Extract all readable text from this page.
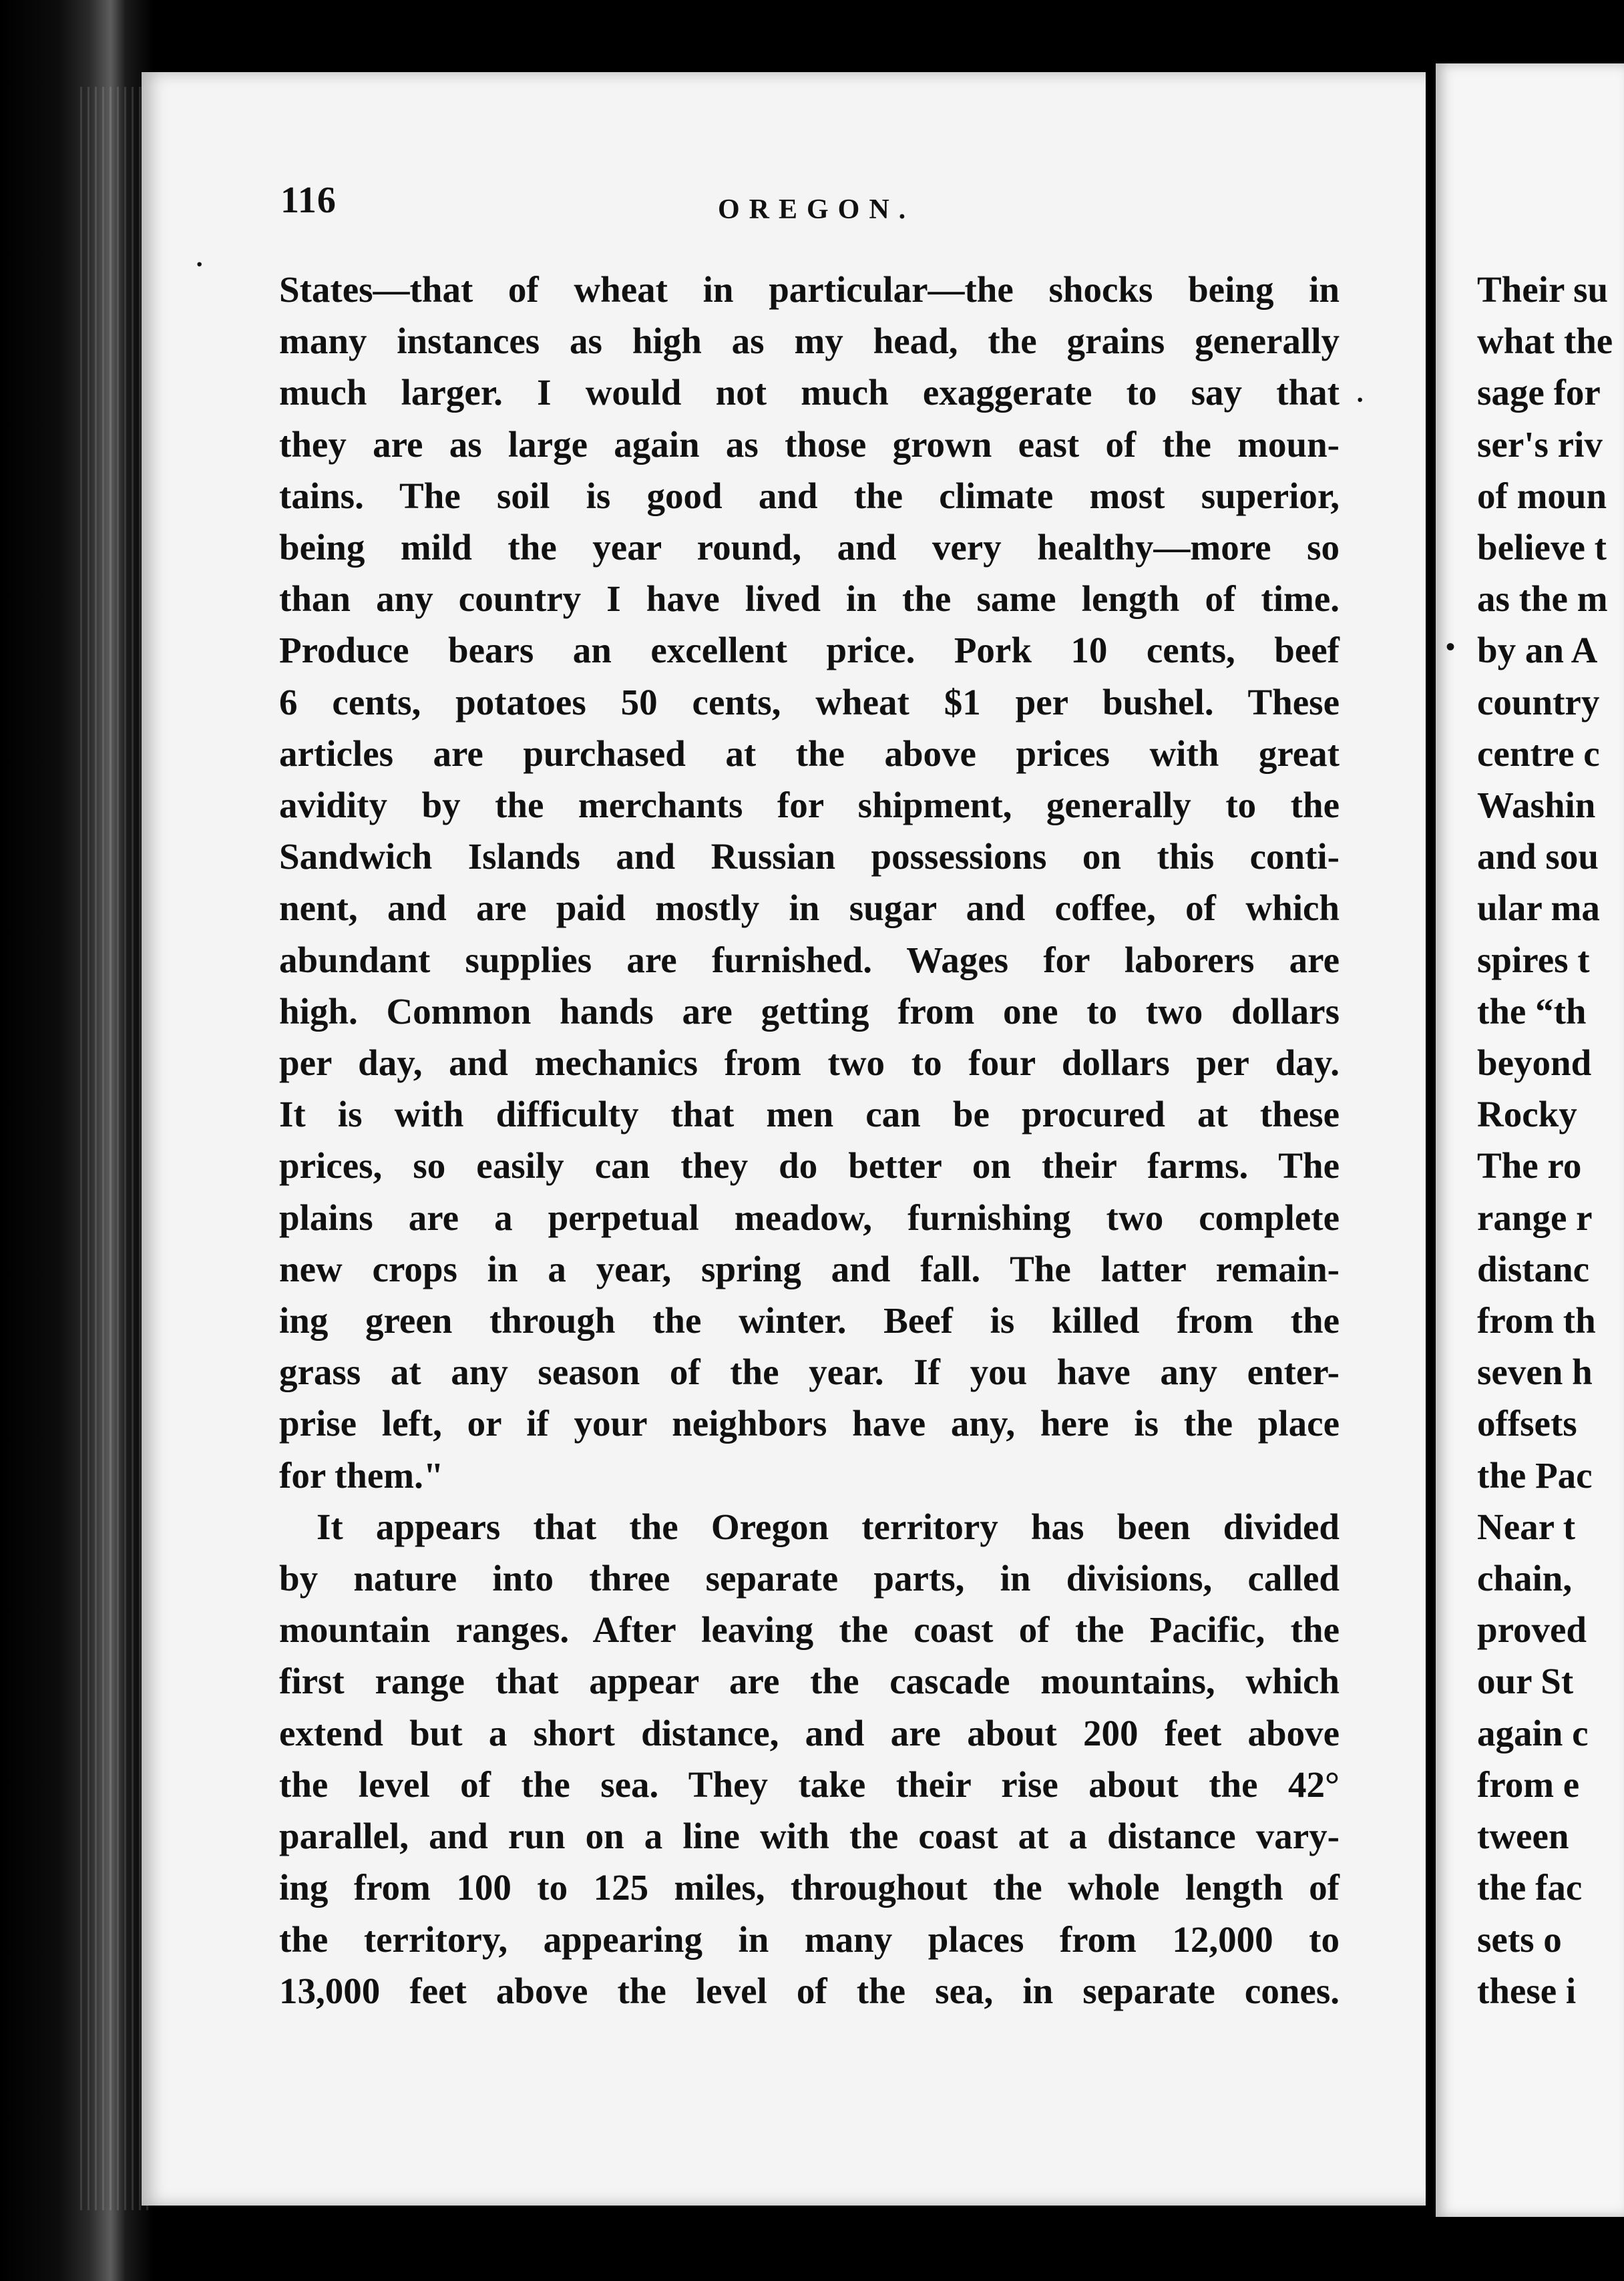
116	OREGON.
States—that of wheat in particular—the shocks being in
many instances as high as my head, the grains generally
much larger. I would not much exaggerate to say that
they are as large again as those grown east of the moun-
tains. The soil is good and the climate most superior,
being mild the year round, and very healthy—more so
than any country I have lived in the same length of time.
Produce bears an excellent price. Pork 10 cents, beef
6 cents, potatoes 50 cents, wheat $1 per bushel. These
articles are purchased at the above prices with great
avidity by the merchants for shipment, generally to the
Sandwich Islands and Russian possessions on this conti-
nent, and are paid mostly in sugar and coffee, of which
abundant supplies are furnished. Wages for laborers are
high. Common hands are getting from one to two dollars
per day, and mechanics from two to four dollars per day.
It is with difficulty that men can be procured at these
prices, so easily can they do better on their farms. The
plains are a perpetual meadow, furnishing two complete
new crops in a year, spring and fall. The latter remain-
ing green through the winter. Beef is killed from the
grass at any season of the year. If you have any enter-
prise left, or if your neighbors have any, here is the place
for them."
It appears that the Oregon territory has been divided
by nature into three separate parts, in divisions, called
mountain ranges. After leaving the coast of the Pacific, the
first range that appear are the cascade mountains, which
extend but a short distance, and are about 200 feet above
the level of the sea. They take their rise about the 42°
parallel, and run on a line with the coast at a distance vary-
ing from 100 to 125 miles, throughout the whole length of
the territory, appearing in many places from 12,000 to
13,000 feet above the level of the sea, in separate cones.
Their su
what the
sage for
ser's riv
of moun
believe t
as the m
by an A
country
centre c
Washin
and sou
ular ma
spires t
the “th
beyond
Rocky
The ro
range r
distanc
from th
seven h
offsets
the Pac
Near t
chain,
proved
our St
again c
from e
tween
the fac
sets o
these i
·
·
•
